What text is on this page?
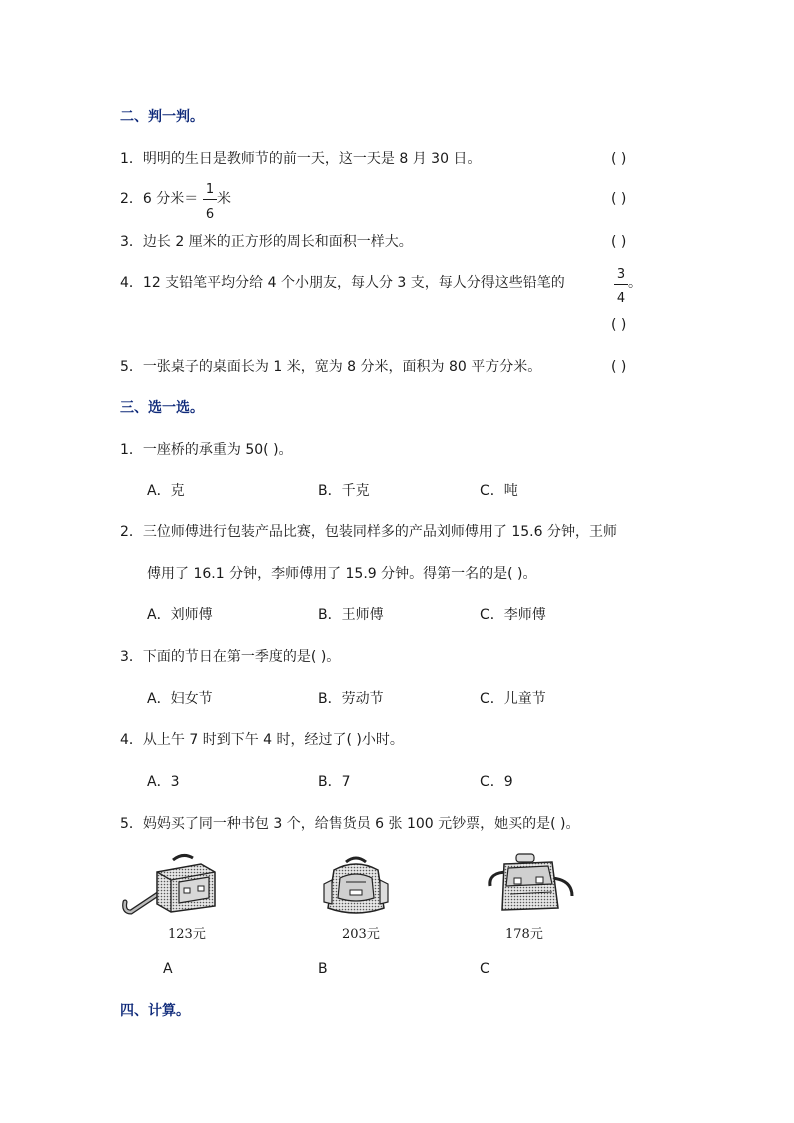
二、判一判。
1．明明的生日是教师节的前一天，这一天是 8 月 30 日。	( )
2．6 分米＝
1
6
米	( )
3．边长 2 厘米的正方形的周长和面积一样大。	( )
4．12 支铅笔平均分给 4 个小朋友，每人分 3 支，每人分得这些铅笔的
3
4
。
( )
5．一张桌子的桌面长为 1 米，宽为 8 分米，面积为 80 平方分米。	( )
三、选一选。
1．一座桥的承重为 50( )。
A．克	B．千克	C．吨
2．三位师傅进行包装产品比赛，包装同样多的产品刘师傅用了 15.6 分钟，王师
傅用了 16.1 分钟，李师傅用了 15.9 分钟。得第一名的是( )。
A．刘师傅	B．王师傅	C．李师傅
3．下面的节日在第一季度的是( )。
A．妇女节	B．劳动节	C．儿童节
4．从上午 7 时到下午 4 时，经过了( )小时。
A．3	B．7	C．9
5．妈妈买了同一种书包 3 个，给售货员 6 张 100 元钞票，她买的是( )。
123元	203元	178元
A	B	C
四、计算。
